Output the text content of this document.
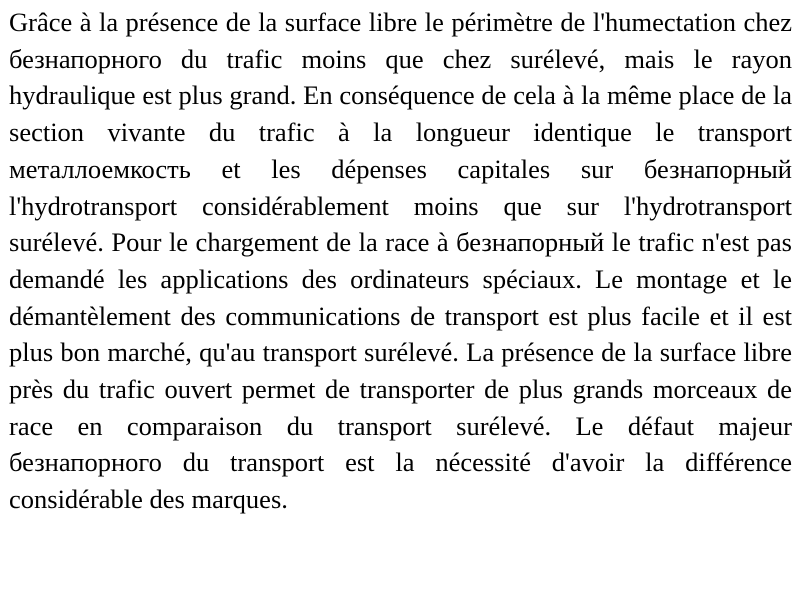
Grâce à la présence de la surface libre le périmètre de l'humectation chez безнапорного du trafic moins que chez surélevé, mais le rayon hydraulique est plus grand. En conséquence de cela à la même place de la section vivante du trafic à la longueur identique le transport металлоемкость et les dépenses capitales sur безнапорный l'hydrotransport considérablement moins que sur l'hydrotransport surélevé. Pour le chargement de la race à безнапорный le trafic n'est pas demandé les applications des ordinateurs spéciaux. Le montage et le démantèlement des communications de transport est plus facile et il est plus bon marché, qu'au transport surélevé. La présence de la surface libre près du trafic ouvert permet de transporter de plus grands morceaux de race en comparaison du transport surélevé. Le défaut majeur безнапорного du transport est la nécessité d'avoir la différence considérable des marques.
